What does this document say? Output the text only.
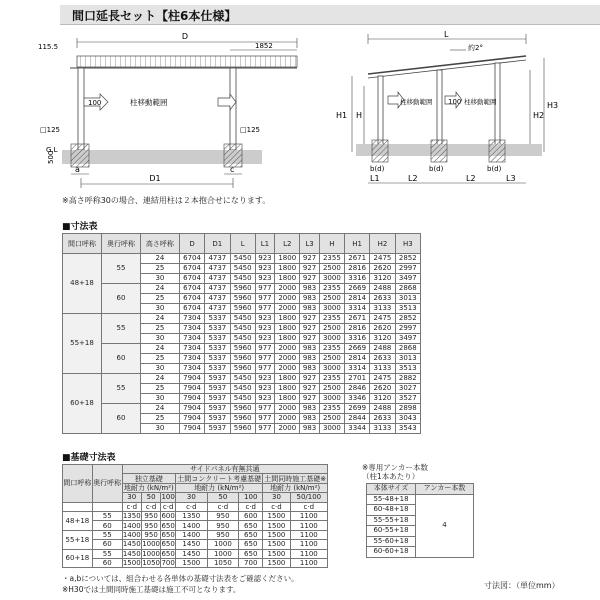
間口延長セット【柱6本仕様】
D
115.5	1852
100	柱移動範囲
□125	□125
G.L
500
a	c
D1
L
約2°
H1 H	H2
H3
柱移動範囲 100 柱移動範囲
b(d)	b(d)	b(d)
L1	L2	L2	L3
※高さ呼称30の場合、連結用柱は２本抱合せになります。
■寸法表
間口呼称	奥行呼称	高さ呼称	D	D1	L	L1	L2	L3	H	H1	H2	H3
48+18	55	24	6704	4737	5450	923	1800	927	2355	2671	2475	2852
		25	6704	4737	5450	923	1800	927	2500	2816	2620	2997
		30	6704	4737	5450	923	1800	927	3000	3316	3120	3497
	60	24	6704	4737	5960	977	2000	983	2355	2669	2488	2868
		25	6704	4737	5960	977	2000	983	2500	2814	2633	3013
		30	6704	4737	5960	977	2000	983	3000	3314	3133	3513
55+18	55	24	7304	5337	5450	923	1800	927	2355	2671	2475	2852
		25	7304	5337	5450	923	1800	927	2500	2816	2620	2997
		30	7304	5337	5450	923	1800	927	3000	3316	3120	3497
	60	24	7304	5337	5960	977	2000	983	2355	2669	2488	2868
		25	7304	5337	5960	977	2000	983	2500	2814	2633	3013
		30	7304	5337	5960	977	2000	983	3000	3314	3133	3513
60+18	55	24	7904	5937	5450	923	1800	927	2355	2701	2475	2882
		25	7904	5937	5450	923	1800	927	2500	2846	2620	3027
		30	7904	5937	5450	923	1800	927	3000	3346	3120	3527
	60	24	7904	5937	5960	977	2000	983	2355	2699	2488	2898
		25	7904	5937	5960	977	2000	983	2500	2844	2633	3043
		30	7904	5937	5960	977	2000	983	3000	3344	3133	3543
■基礎寸法表
間口呼称	奥行呼称	サイドパネル有無共通							
		独立基礎			土間コンクリート考慮基礎			土間同時施工基礎※	
		地耐力 (kN/m²)			地耐力 (kN/m²)			地耐力 (kN/m²)	
		30	50	100	30	50	100	30	50/100
		c·d	c·d	c·d	c·d	c·d	c·d	c·d	c·d
48+18	55	1350	950	600	1350	950	600	1500	1100
	60	1400	950	650	1400	950	650	1500	1100
55+18	55	1400	950	650	1400	950	650	1500	1100
	60	1450	1000	650	1450	1000	650	1500	1100
60+18	55	1450	1000	650	1450	1000	650	1500	1100
	60	1500	1050	700	1500	1050	700	1500	1100
※専用アンカー本数
（柱1本あたり）
本体サイズ	アンカー本数
55-48+18	4
60-48+18	
55-55+18	
60-55+18	
55-60+18	
60-60+18	
・a,bについては、組合わせる各単体の基礎寸法表をご確認ください。
※H30では土間同時施工基礎は施工不可となります。	寸法図：（単位mm）
